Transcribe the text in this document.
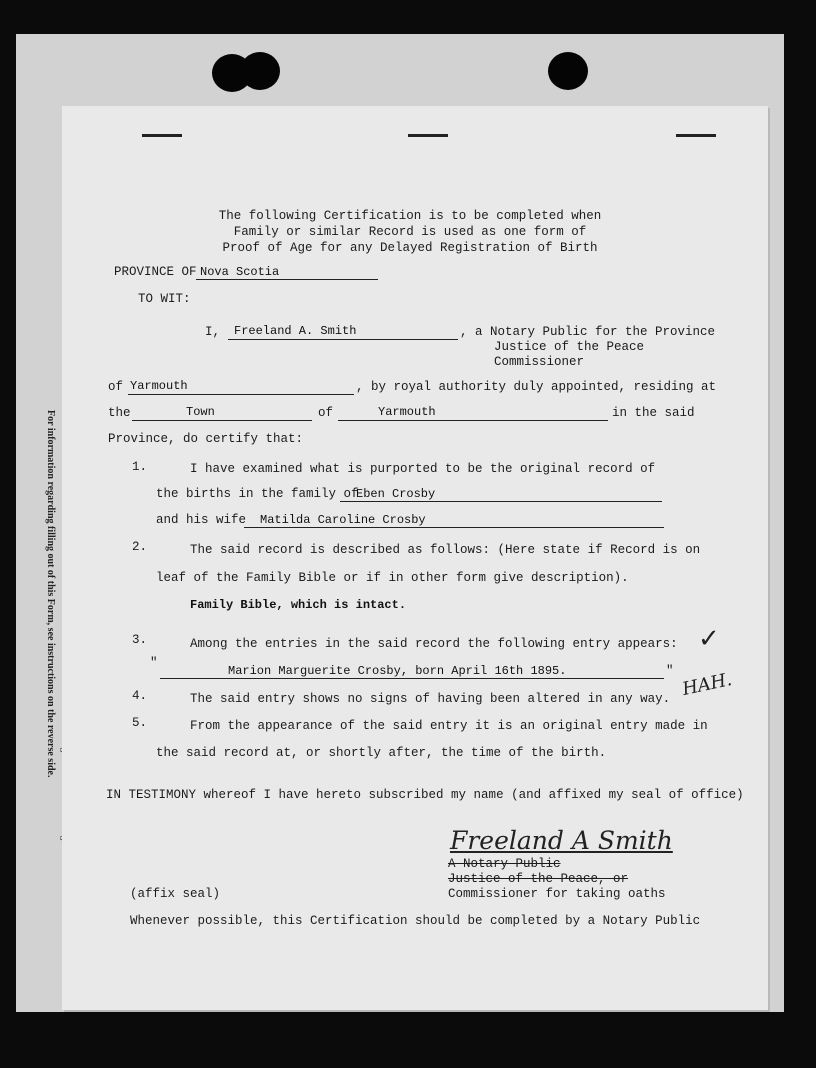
For information regarding filling out of this Form, see instructions on the reverse side.
The following Certification is to be completed when
Family or similar Record is used as one form of
Proof of Age for any Delayed Registration of Birth
PROVINCE OF Nova Scotia
TO WIT:
I, Freeland A. Smith	, a Notary Public for the Province
Justice of the Peace
Commissioner
of Yarmouth	, by royal authority duly appointed, residing at
the	Town	of	Yarmouth	in the said
Province, do certify that:
1.	I have examined what is purported to be the original record of
the births in the family of
Eben Crosby
and his wife Matilda Caroline Crosby
2.	The said record is described as follows: (Here state if Record is on
leaf of the Family Bible or if in other form give description).
Family Bible, which is intact.
3.	Among the entries in the said record the following entry appears:
"
Marion Marguerite Crosby, born April 16th 1895.	"
4.	The said entry shows no signs of having been altered in any way.
5.	From the appearance of the said entry it is an original entry made in
the said record at, or shortly after, the time of the birth.
IN TESTIMONY whereof I have hereto subscribed my name (and affixed my seal of office)
Freeland A Smith
A Notary Public
Justice of the Peace, or
Commissioner for taking oaths
(affix seal)
Whenever possible, this Certification should be completed by a Notary Public
✓
HAH.
